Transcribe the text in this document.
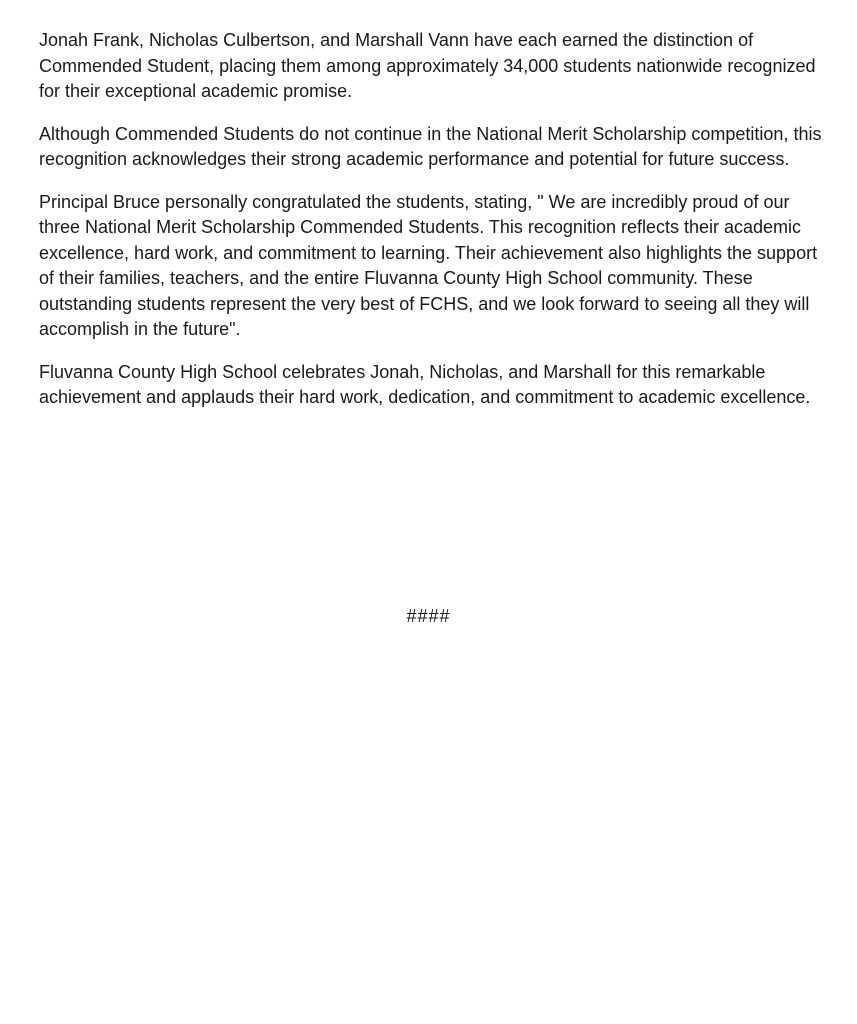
Jonah Frank, Nicholas Culbertson, and Marshall Vann have each earned the distinction of Commended Student, placing them among approximately 34,000 students nationwide recognized for their exceptional academic promise.

Although Commended Students do not continue in the National Merit Scholarship competition, this recognition acknowledges their strong academic performance and potential for future success.

Principal Bruce personally congratulated the students, stating, " We are incredibly proud of our three National Merit Scholarship Commended Students. This recognition reflects their academic excellence, hard work, and commitment to learning. Their achievement also highlights the support of their families, teachers, and the entire Fluvanna County High School community. These outstanding students represent the very best of FCHS, and we look forward to seeing all they will accomplish in the future".

Fluvanna County High School celebrates Jonah, Nicholas, and Marshall for this remarkable achievement and applauds their hard work, dedication, and commitment to academic excellence.

####
